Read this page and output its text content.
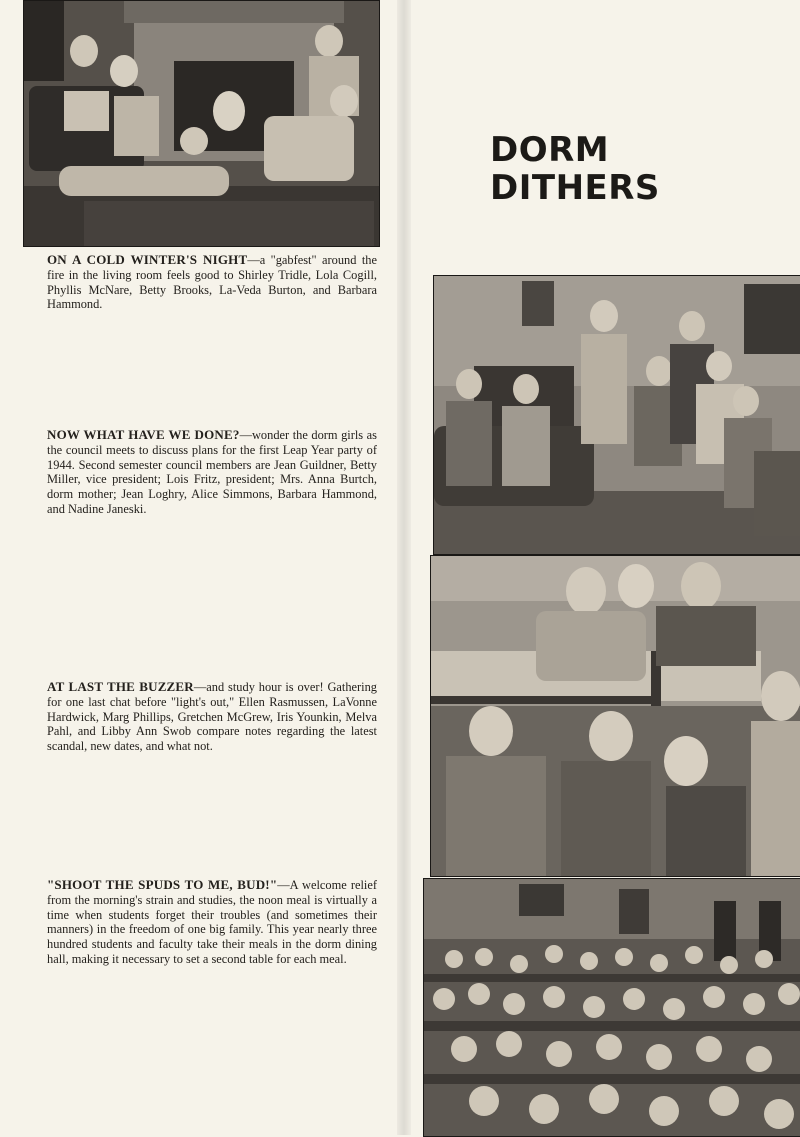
DORM
DITHERS

ON A COLD WINTER'S NIGHT—a "gabfest" around the fire in the living room feels good to Shirley Tridle, Lola Cogill, Phyllis McNare, Betty Brooks, La-Veda Burton, and Barbara Hammond.

NOW WHAT HAVE WE DONE?—wonder the dorm girls as the council meets to discuss plans for the first Leap Year party of 1944. Second semester council members are Jean Guildner, Betty Miller, vice president; Lois Fritz, president; Mrs. Anna Burtch, dorm mother; Jean Loghry, Alice Simmons, Barbara Hammond, and Nadine Janeski.

AT LAST THE BUZZER—and study hour is over! Gathering for one last chat before "light's out," Ellen Rasmussen, LaVonne Hardwick, Marg Phillips, Gretchen McGrew, Iris Younkin, Melva Pahl, and Libby Ann Swob compare notes regarding the latest scandal, new dates, and what not.

"SHOOT THE SPUDS TO ME, BUD!"—A welcome relief from the morning's strain and studies, the noon meal is virtually a time when students forget their troubles (and sometimes their manners) in the freedom of one big family. This year nearly three hundred students and faculty take their meals in the dorm dining hall, making it necessary to set a second table for each meal.
